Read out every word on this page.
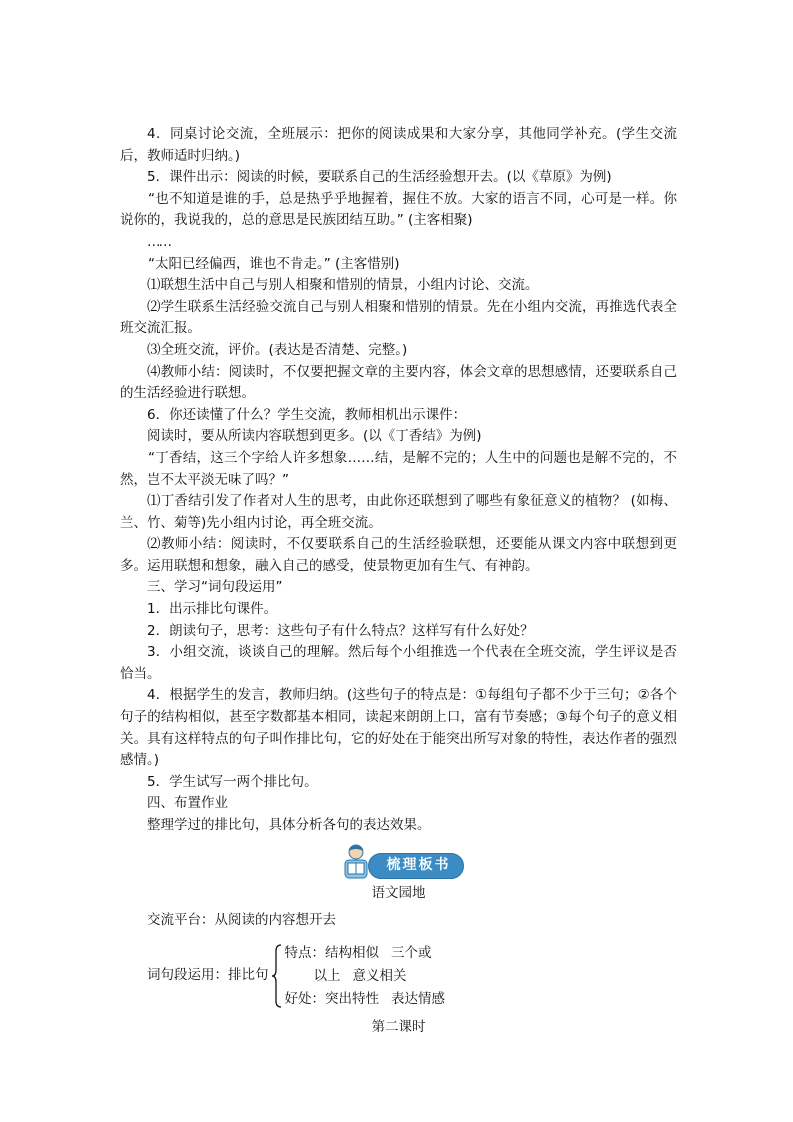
4．同桌讨论交流，全班展示：把你的阅读成果和大家分享，其他同学补充。(学生交流后，教师适时归纳。)

5．课件出示：阅读的时候，要联系自己的生活经验想开去。(以《草原》为例)

“也不知道是谁的手，总是热乎乎地握着，握住不放。大家的语言不同，心可是一样。你说你的，我说我的，总的意思是民族团结互助。” (主客相聚)

……

“太阳已经偏西，谁也不肯走。” (主客惜别)

⑴联想生活中自己与别人相聚和惜别的情景，小组内讨论、交流。

⑵学生联系生活经验交流自己与别人相聚和惜别的情景。先在小组内交流，再推选代表全班交流汇报。

⑶全班交流，评价。(表达是否清楚、完整。)

⑷教师小结：阅读时，不仅要把握文章的主要内容，体会文章的思想感情，还要联系自己的生活经验进行联想。

6．你还读懂了什么？学生交流，教师相机出示课件：

阅读时，要从所读内容联想到更多。(以《丁香结》为例)

“丁香结，这三个字给人许多想象……结，是解不完的；人生中的问题也是解不完的，不然，岂不太平淡无味了吗？”

⑴丁香结引发了作者对人生的思考，由此你还联想到了哪些有象征意义的植物？ (如梅、兰、竹、菊等)先小组内讨论，再全班交流。

⑵教师小结：阅读时，不仅要联系自己的生活经验联想，还要能从课文内容中联想到更多。运用联想和想象，融入自己的感受，使景物更加有生气、有神韵。

三、学习“词句段运用”

1．出示排比句课件。

2．朗读句子，思考：这些句子有什么特点？这样写有什么好处？

3．小组交流，谈谈自己的理解。然后每个小组推选一个代表在全班交流，学生评议是否恰当。

4．根据学生的发言，教师归纳。(这些句子的特点是：①每组句子都不少于三句；②各个句子的结构相似，甚至字数都基本相同，读起来朗朗上口，富有节奏感；③每个句子的意义相关。具有这样特点的句子叫作排比句，它的好处在于能突出所写对象的特性，表达作者的强烈感情。)

5．学生试写一两个排比句。

四、布置作业

整理学过的排比句，具体分析各句的表达效果。

梳理板书

语文园地

交流平台：从阅读的内容想开去

词句段运用：排比句
特点：结构相似 三个或
以上 意义相关
好处：突出特性 表达情感

第二课时
